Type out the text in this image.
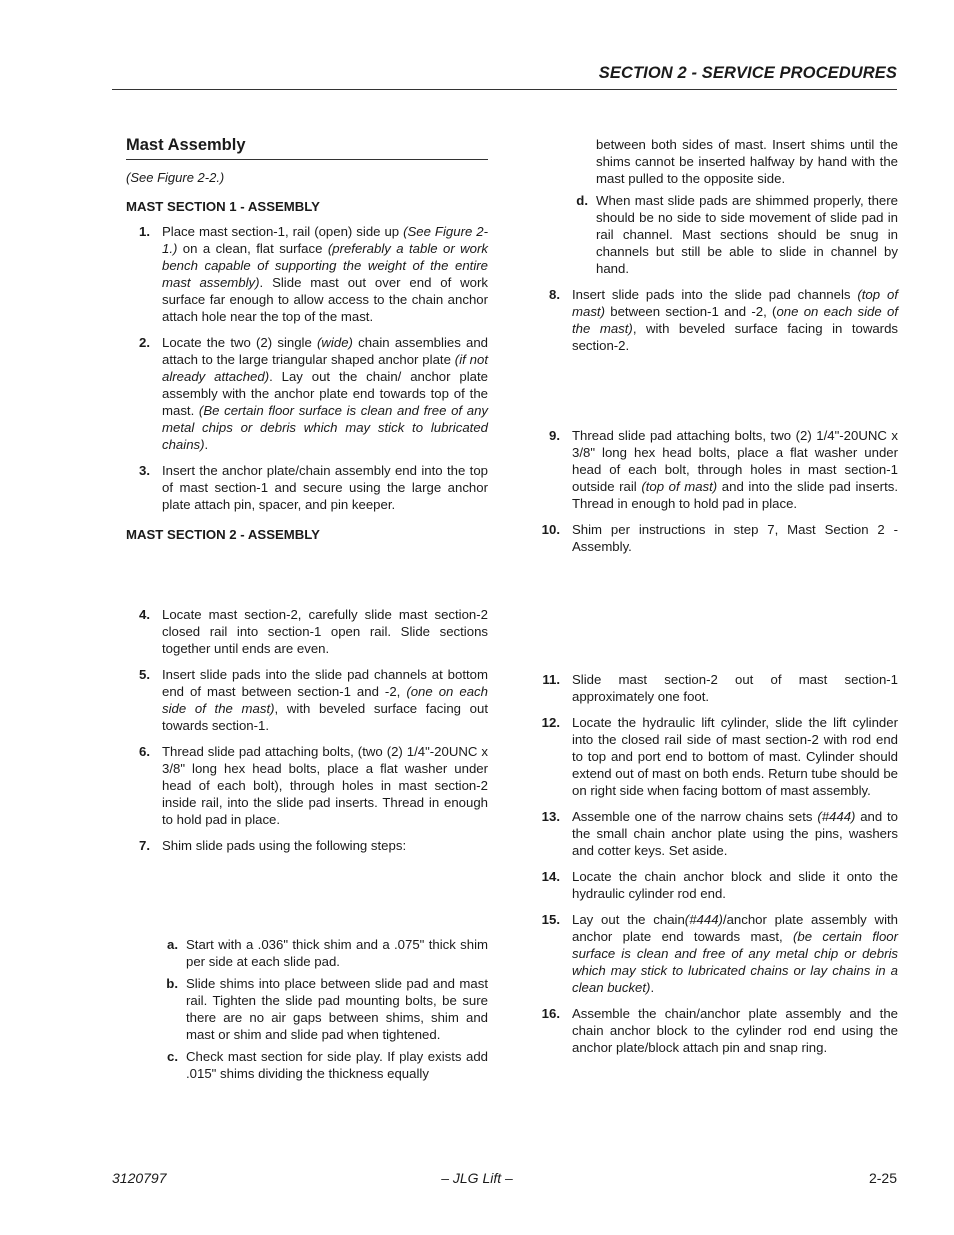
SECTION 2 - SERVICE PROCEDURES
Mast Assembly

(See Figure 2-2.)

MAST SECTION 1 - ASSEMBLY

1. Place mast section-1, rail (open) side up (See Figure 2-1.) on a clean, flat surface (preferably a table or work bench capable of supporting the weight of the entire mast assembly). Slide mast out over end of work surface far enough to allow access to the chain anchor attach hole near the top of the mast.
2. Locate the two (2) single (wide) chain assemblies and attach to the large triangular shaped anchor plate (if not already attached). Lay out the chain/ anchor plate assembly with the anchor plate end towards top of the mast. (Be certain floor surface is clean and free of any metal chips or debris which may stick to lubricated chains).
3. Insert the anchor plate/chain assembly end into the top of mast section-1 and secure using the large anchor plate attach pin, spacer, and pin keeper.

MAST SECTION 2 - ASSEMBLY

4. Locate mast section-2, carefully slide mast section-2 closed rail into section-1 open rail. Slide sections together until ends are even.
5. Insert slide pads into the slide pad channels at bottom end of mast between section-1 and -2, (one on each side of the mast), with beveled surface facing out towards section-1.
6. Thread slide pad attaching bolts, (two (2) 1/4"-20UNC x 3/8" long hex head bolts, place a flat washer under head of each bolt), through holes in mast section-2 inside rail, into the slide pad inserts. Thread in enough to hold pad in place.
7. Shim slide pads using the following steps:
a. Start with a .036" thick shim and a .075" thick shim per side at each slide pad.
b. Slide shims into place between slide pad and mast rail. Tighten the slide pad mounting bolts, be sure there are no air gaps between shims, shim and mast or shim and slide pad when tightened.
c. Check mast section for side play. If play exists add .015" shims dividing the thickness equally
between both sides of mast. Insert shims until the shims cannot be inserted halfway by hand with the mast pulled to the opposite side.
d. When mast slide pads are shimmed properly, there should be no side to side movement of slide pad in rail channel. Mast sections should be snug in channels but still be able to slide in channel by hand.
8. Insert slide pads into the slide pad channels (top of mast) between section-1 and -2, (one on each side of the mast), with beveled surface facing in towards section-2.
9. Thread slide pad attaching bolts, two (2) 1/4"-20UNC x 3/8" long hex head bolts, place a flat washer under head of each bolt, through holes in mast section-1 outside rail (top of mast) and into the slide pad inserts. Thread in enough to hold pad in place.
10. Shim per instructions in step 7, Mast Section 2 - Assembly.
11. Slide mast section-2 out of mast section-1 approximately one foot.
12. Locate the hydraulic lift cylinder, slide the lift cylinder into the closed rail side of mast section-2 with rod end to top and port end to bottom of mast. Cylinder should extend out of mast on both ends. Return tube should be on right side when facing bottom of mast assembly.
13. Assemble one of the narrow chains sets (#444) and to the small chain anchor plate using the pins, washers and cotter keys. Set aside.
14. Locate the chain anchor block and slide it onto the hydraulic cylinder rod end.
15. Lay out the chain(#444)/anchor plate assembly with anchor plate end towards mast, (be certain floor surface is clean and free of any metal chip or debris which may stick to lubricated chains or lay chains in a clean bucket).
16. Assemble the chain/anchor plate assembly and the chain anchor block to the cylinder rod end using the anchor plate/block attach pin and snap ring.
3120797	– JLG Lift –	2-25
